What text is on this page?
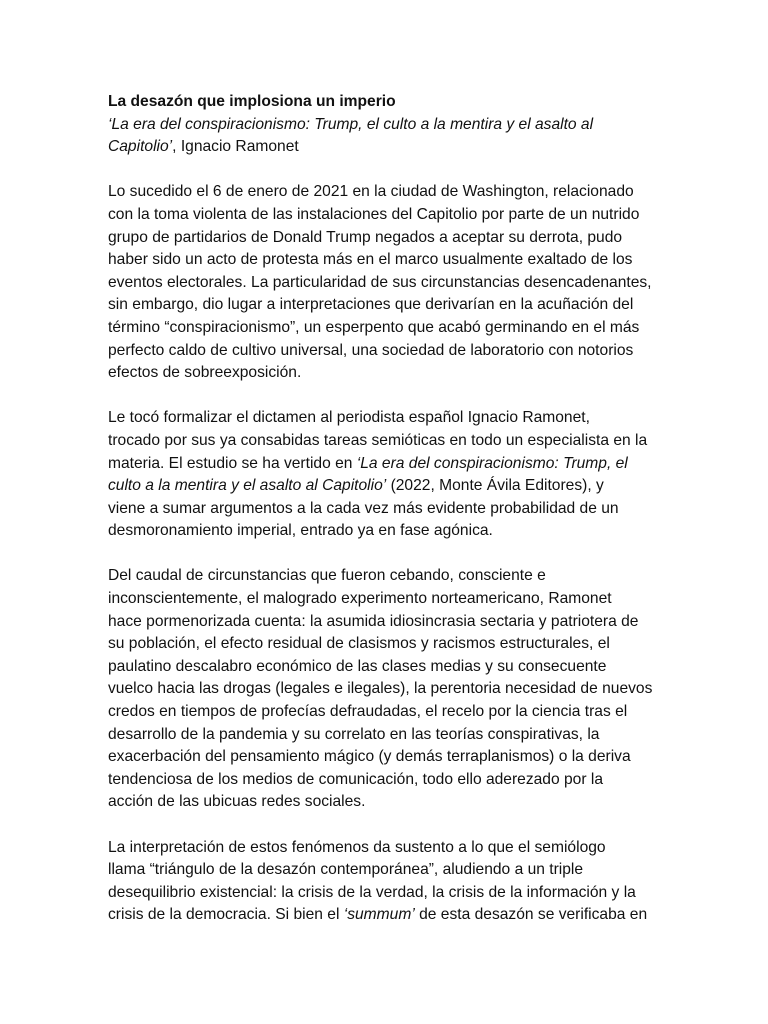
La desazón que implosiona un imperio
‘La era del conspiracionismo: Trump, el culto a la mentira y el asalto al
Capitolio’, Ignacio Ramonet
Lo sucedido el 6 de enero de 2021 en la ciudad de Washington, relacionado
con la toma violenta de las instalaciones del Capitolio por parte de un nutrido
grupo de partidarios de Donald Trump negados a aceptar su derrota, pudo
haber sido un acto de protesta más en el marco usualmente exaltado de los
eventos electorales. La particularidad de sus circunstancias desencadenantes,
sin embargo, dio lugar a interpretaciones que derivarían en la acuñación del
término “conspiracionismo”, un esperpento que acabó germinando en el más
perfecto caldo de cultivo universal, una sociedad de laboratorio con notorios
efectos de sobreexposición.
Le tocó formalizar el dictamen al periodista español Ignacio Ramonet,
trocado por sus ya consabidas tareas semióticas en todo un especialista en la
materia. El estudio se ha vertido en ‘La era del conspiracionismo: Trump, el
culto a la mentira y el asalto al Capitolio’ (2022, Monte Ávila Editores), y
viene a sumar argumentos a la cada vez más evidente probabilidad de un
desmoronamiento imperial, entrado ya en fase agónica.
Del caudal de circunstancias que fueron cebando, consciente e
inconscientemente, el malogrado experimento norteamericano, Ramonet
hace pormenorizada cuenta: la asumida idiosincrasia sectaria y patriotera de
su población, el efecto residual de clasismos y racismos estructurales, el
paulatino descalabro económico de las clases medias y su consecuente
vuelco hacia las drogas (legales e ilegales), la perentoria necesidad de nuevos
credos en tiempos de profecías defraudadas, el recelo por la ciencia tras el
desarrollo de la pandemia y su correlato en las teorías conspirativas, la
exacerbación del pensamiento mágico (y demás terraplanismos) o la deriva
tendenciosa de los medios de comunicación, todo ello aderezado por la
acción de las ubicuas redes sociales.
La interpretación de estos fenómenos da sustento a lo que el semiólogo
llama “triángulo de la desazón contemporánea”, aludiendo a un triple
desequilibrio existencial: la crisis de la verdad, la crisis de la información y la
crisis de la democracia. Si bien el ‘summum’ de esta desazón se verificaba en
